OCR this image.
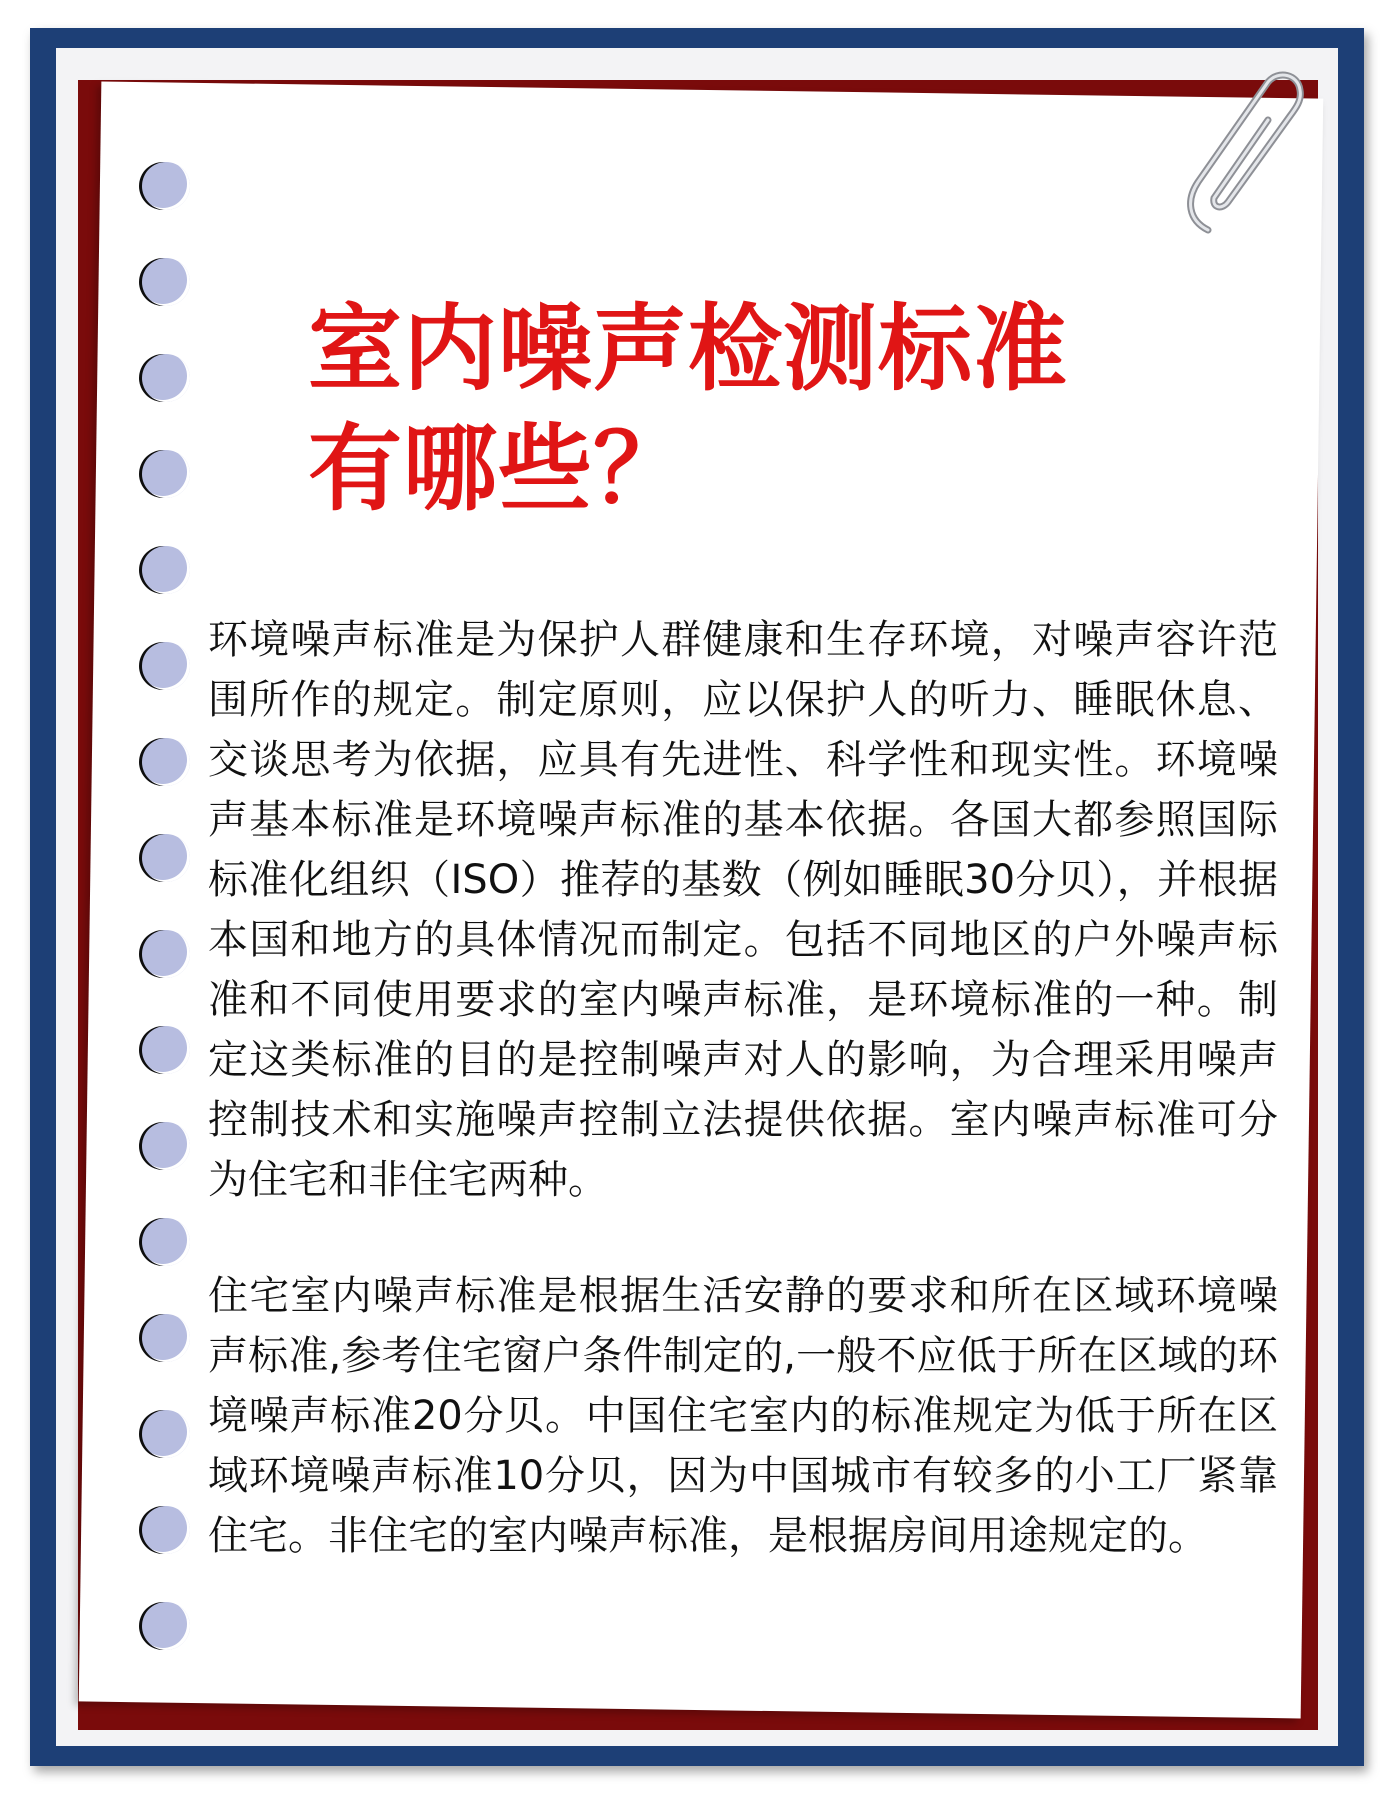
室内噪声检测标准
有哪些？

环境噪声标准是为保护人群健康和生存环境，对噪声容许范围所作的规定。制定原则，应以保护人的听力、睡眠休息、交谈思考为依据，应具有先进性、科学性和现实性。环境噪声基本标准是环境噪声标准的基本依据。各国大都参照国际标准化组织（ISO）推荐的基数（例如睡眠30分贝），并根据本国和地方的具体情况而制定。包括不同地区的户外噪声标准和不同使用要求的室内噪声标准，是环境标准的一种。制定这类标准的目的是控制噪声对人的影响，为合理采用噪声控制技术和实施噪声控制立法提供依据。室内噪声标准可分为住宅和非住宅两种。

住宅室内噪声标准是根据生活安静的要求和所在区域环境噪声标准,参考住宅窗户条件制定的,一般不应低于所在区域的环境噪声标准20分贝。中国住宅室内的标准规定为低于所在区域环境噪声标准10分贝，因为中国城市有较多的小工厂紧靠住宅。非住宅的室内噪声标准，是根据房间用途规定的。
